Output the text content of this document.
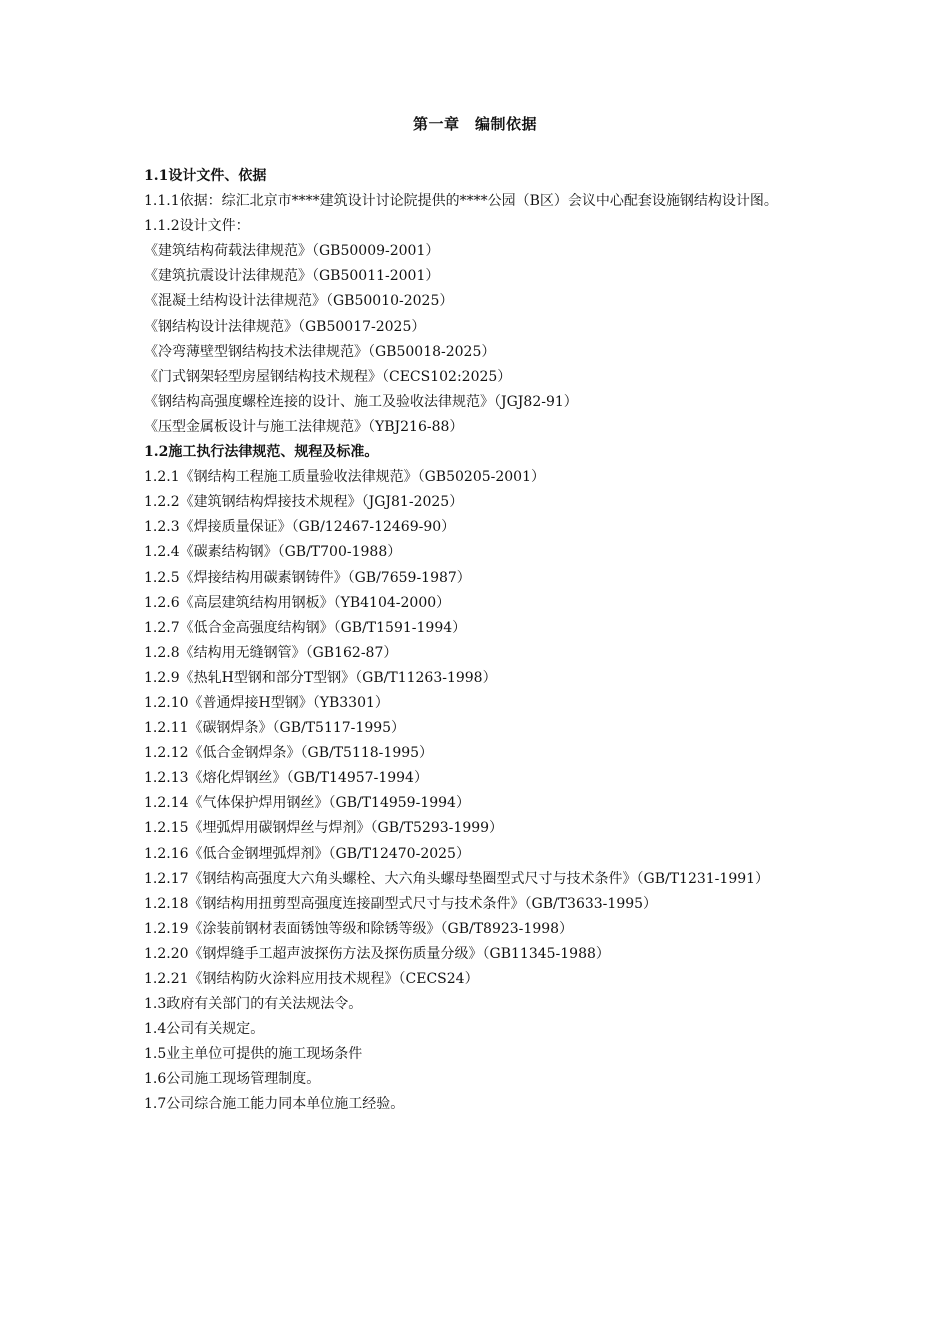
第一章　编制依据
1.1设计文件、依据
1.1.1依据：综汇北京市****建筑设计讨论院提供的****公园（B区）会议中心配套设施钢结构设计图。
1.1.2设计文件：
《建筑结构荷载法律规范》（GB50009-2001）
《建筑抗震设计法律规范》（GB50011-2001）
《混凝土结构设计法律规范》（GB50010-2025）
《钢结构设计法律规范》（GB50017-2025）
《冷弯薄壁型钢结构技术法律规范》（GB50018-2025）
《门式钢架轻型房屋钢结构技术规程》（CECS102:2025）
《钢结构高强度螺栓连接的设计、施工及验收法律规范》（JGJ82-91）
《压型金属板设计与施工法律规范》（YBJ216-88）
1.2施工执行法律规范、规程及标准。
1.2.1《钢结构工程施工质量验收法律规范》（GB50205-2001）
1.2.2《建筑钢结构焊接技术规程》（JGJ81-2025）
1.2.3《焊接质量保证》（GB/12467-12469-90）
1.2.4《碳素结构钢》（GB/T700-1988）
1.2.5《焊接结构用碳素钢铸件》（GB/7659-1987）
1.2.6《高层建筑结构用钢板》（YB4104-2000）
1.2.7《低合金高强度结构钢》（GB/T1591-1994）
1.2.8《结构用无缝钢管》（GB162-87）
1.2.9《热轧H型钢和部分T型钢》（GB/T11263-1998）
1.2.10《普通焊接H型钢》（YB3301）
1.2.11《碳钢焊条》（GB/T5117-1995）
1.2.12《低合金钢焊条》（GB/T5118-1995）
1.2.13《熔化焊钢丝》（GB/T14957-1994）
1.2.14《气体保护焊用钢丝》（GB/T14959-1994）
1.2.15《埋弧焊用碳钢焊丝与焊剂》（GB/T5293-1999）
1.2.16《低合金钢埋弧焊剂》（GB/T12470-2025）
1.2.17《钢结构高强度大六角头螺栓、大六角头螺母垫圈型式尺寸与技术条件》（GB/T1231-1991）
1.2.18《钢结构用扭剪型高强度连接副型式尺寸与技术条件》（GB/T3633-1995）
1.2.19《涂装前钢材表面锈蚀等级和除锈等级》（GB/T8923-1998）
1.2.20《钢焊缝手工超声波探伤方法及探伤质量分级》（GB11345-1988）
1.2.21《钢结构防火涂料应用技术规程》（CECS24）
1.3政府有关部门的有关法规法令。
1.4公司有关规定。
1.5业主单位可提供的施工现场条件
1.6公司施工现场管理制度。
1.7公司综合施工能力同本单位施工经验。
